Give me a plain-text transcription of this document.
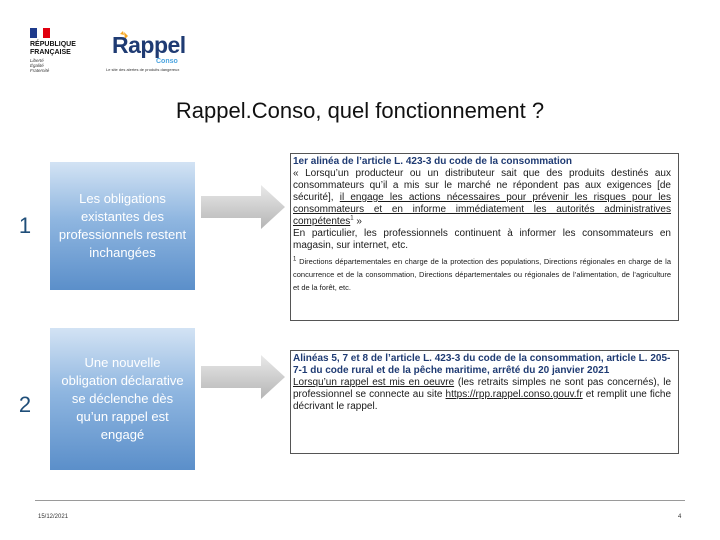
RÉPUBLIQUE
FRANÇAISE
Liberté
Égalité
Fraternité
Rappel
Conso
Le site des alertes de produits dangereux
Rappel.Conso, quel fonctionnement ?
1
Les obligations existantes des professionnels restent inchangées
1er alinéa de l’article L. 423-3 du code de la consommation
« Lorsqu’un producteur ou un distributeur sait que des produits destinés aux consommateurs qu’il a mis sur le marché ne répondent pas aux exigences [de sécurité], il engage les actions nécessaires pour prévenir les risques pour les consommateurs et en informe immédiatement les autorités administratives compétentes$^1$ »
En particulier, les professionnels continuent à informer les consommateurs en magasin, sur internet, etc.
$^1$ Directions départementales en charge de la protection des populations, Directions régionales en charge de la concurrence et de la consommation, Directions départementales ou régionales de l’alimentation, de l’agriculture et de la forêt, etc.
2
Une nouvelle obligation déclarative se déclenche dès qu’un rappel est engagé
Alinéas 5, 7 et 8 de l’article L. 423-3 du code de la consommation, article L. 205-7-1 du code rural et de la pêche maritime, arrêté du 20 janvier 2021
Lorsqu’un rappel est mis en oeuvre (les retraits simples ne sont pas concernés), le professionnel se connecte au site https://rpp.rappel.conso.gouv.fr et remplit une fiche décrivant le rappel.
15/12/2021	4
